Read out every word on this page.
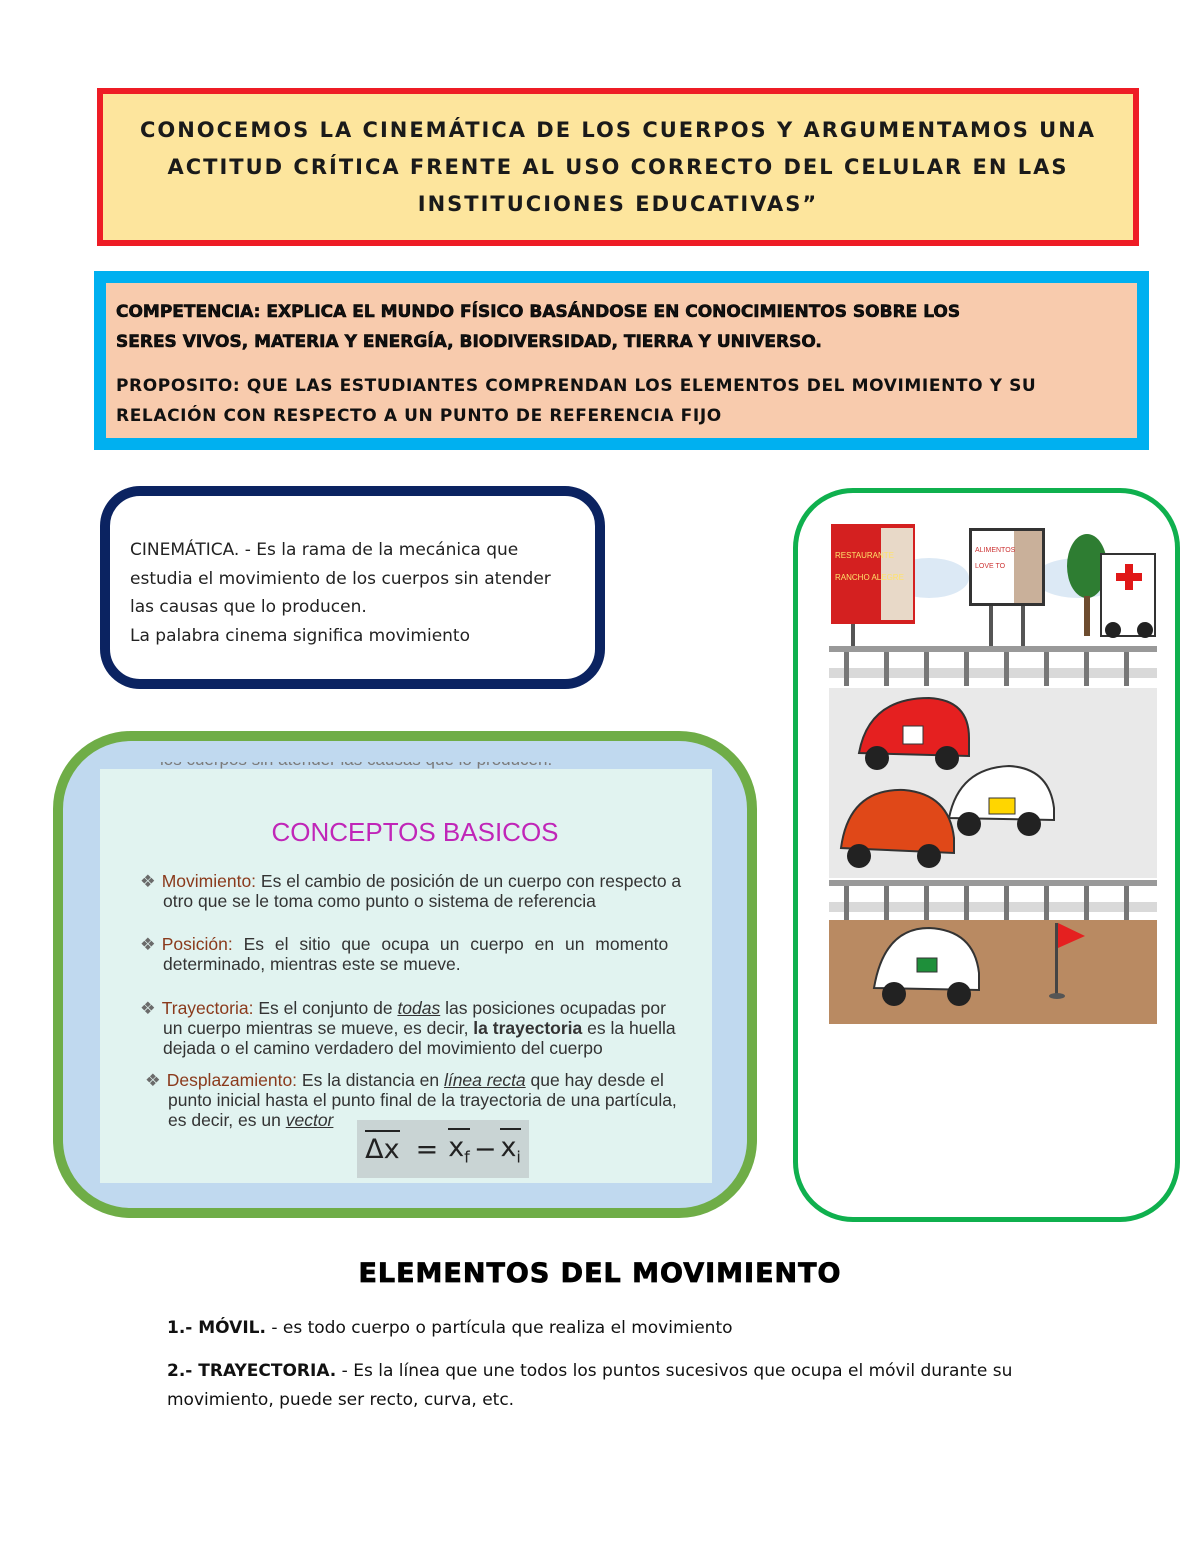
CONOCEMOS LA CINEMÁTICA DE LOS CUERPOS Y ARGUMENTAMOS UNA
ACTITUD CRÍTICA FRENTE AL USO CORRECTO DEL CELULAR EN LAS
INSTITUCIONES EDUCATIVAS”

COMPETENCIA: EXPLICA EL MUNDO FÍSICO BASÁNDOSE EN CONOCIMIENTOS SOBRE LOS

SERES VIVOS, MATERIA Y ENERGÍA, BIODIVERSIDAD, TIERRA Y UNIVERSO.

PROPOSITO: QUE LAS ESTUDIANTES COMPRENDAN LOS ELEMENTOS DEL MOVIMIENTO Y SU

RELACIÓN CON RESPECTO A UN PUNTO DE REFERENCIA FIJO

CINEMÁTICA. - Es la rama de la mecánica que

estudia el movimiento de los cuerpos sin atender

las causas que lo producen.

La palabra cinema significa movimiento

CONCEPTOS BASICOS
❖ Movimiento: Es el cambio de posición de un cuerpo con respecto a
otro que se le toma como punto o sistema de referencia
❖ Posición: Es el sitio que ocupa un cuerpo en un momento
determinado, mientras este se mueve.
❖ Trayectoria: Es el conjunto de todas las posiciones ocupadas por
un cuerpo mientras se mueve, es decir, la trayectoria es la huella
dejada o el camino verdadero del movimiento del cuerpo
❖ Desplazamiento: Es la distancia en línea recta que hay desde el
punto inicial hasta el punto final de la trayectoria de una partícula,
es decir, es un vector
$\Delta x = x_f - x_i$
RESTAURANTE
RANCHO ALEGRE
ALIMENTOS
LOVE TO
ELEMENTOS DEL MOVIMIENTO
1.- MÓVIL. - es todo cuerpo o partícula que realiza el movimiento
2.- TRAYECTORIA. - Es la línea que une todos los puntos sucesivos que ocupa el móvil durante su
movimiento, puede ser recto, curva, etc.
